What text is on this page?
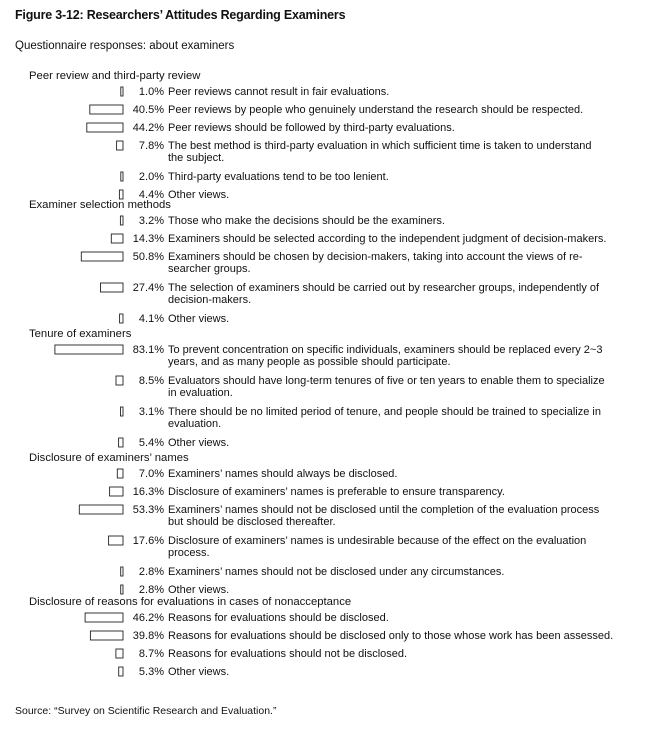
Figure 3-12: Researchers’ Attitudes Regarding Examiners
Questionnaire responses: about examiners
Peer review and third-party review
1.0% Peer reviews cannot result in fair evaluations.
40.5% Peer reviews by people who genuinely understand the research should be respected.
44.2% Peer reviews should be followed by third-party evaluations.
7.8% The best method is third-party evaluation in which sufficient time is taken to understand
the subject.
2.0% Third-party evaluations tend to be too lenient.
4.4% Other views.
Examiner selection methods
3.2% Those who make the decisions should be the examiners.
14.3% Examiners should be selected according to the independent judgment of decision-makers.
50.8% Examiners should be chosen by decision-makers, taking into account the views of re-
searcher groups.
27.4% The selection of examiners should be carried out by researcher groups, independently of
decision-makers.
4.1% Other views.
Tenure of examiners
83.1% To prevent concentration on specific individuals, examiners should be replaced every 2~3
years, and as many people as possible should participate.
8.5% Evaluators should have long-term tenures of five or ten years to enable them to specialize
in evaluation.
3.1% There should be no limited period of tenure, and people should be trained to specialize in
evaluation.
5.4% Other views.
Disclosure of examiners’ names
7.0% Examiners’ names should always be disclosed.
16.3% Disclosure of examiners’ names is preferable to ensure transparency.
53.3% Examiners’ names should not be disclosed until the completion of the evaluation process
but should be disclosed thereafter.
17.6% Disclosure of examiners’ names is undesirable because of the effect on the evaluation
process.
2.8% Examiners’ names should not be disclosed under any circumstances.
2.8% Other views.
Disclosure of reasons for evaluations in cases of nonacceptance
46.2% Reasons for evaluations should be disclosed.
39.8% Reasons for evaluations should be disclosed only to those whose work has been assessed.
8.7% Reasons for evaluations should not be disclosed.
5.3% Other views.
Source: “Survey on Scientific Research and Evaluation.”
